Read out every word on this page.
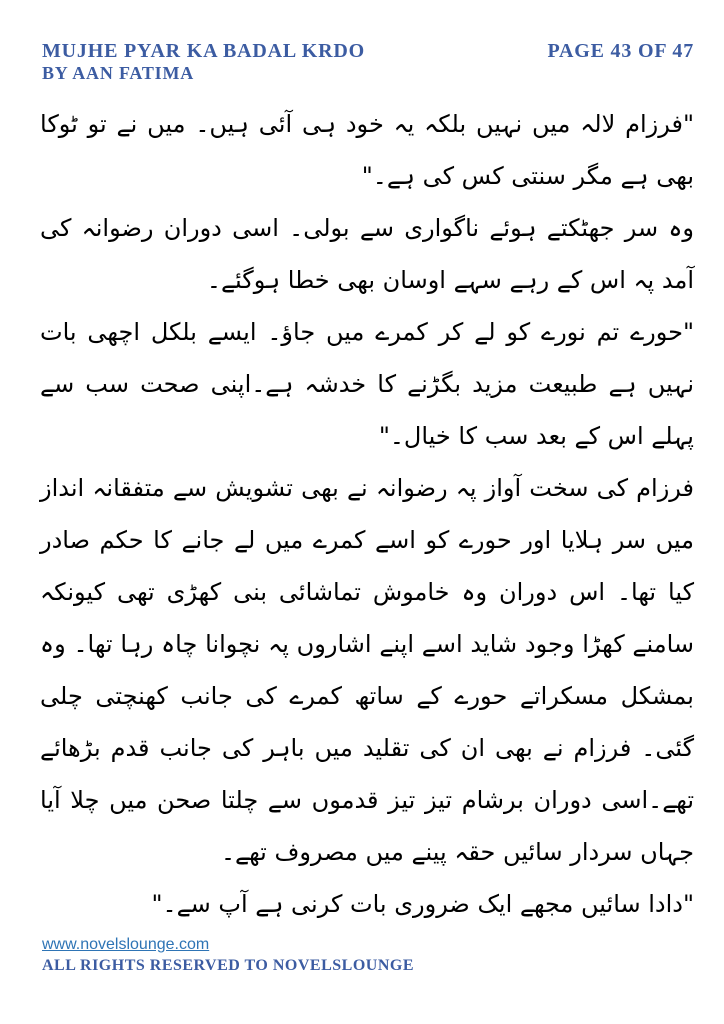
MUJHE PYAR KA BADAL KRDO	PAGE 43 OF 47
BY AAN FATIMA

"فرزام لالہ میں نہیں بلکہ یہ خود ہی آئی ہیں۔ میں نے تو ٹوکا بھی ہے مگر سنتی کس کی ہے۔"

وہ سر جھٹکتے ہوئے ناگواری سے بولی۔ اسی دوران رضوانہ کی آمد پہ اس کے رہے سہے اوسان بھی خطا ہوگئے۔

"حورے تم نورے کو لے کر کمرے میں جاؤ۔ ایسے بلکل اچھی بات نہیں ہے طبیعت مزید بگڑنے کا خدشہ ہے۔اپنی صحت سب سے پہلے اس کے بعد سب کا خیال۔"

فرزام کی سخت آواز پہ رضوانہ نے بھی تشویش سے متفقانہ انداز میں سر ہلایا اور حورے کو اسے کمرے میں لے جانے کا حکم صادر کیا تھا۔ اس دوران وہ خاموش تماشائی بنی کھڑی تھی کیونکہ سامنے کھڑا وجود شاید اسے اپنے اشاروں پہ نچوانا چاہ رہا تھا۔ وہ بمشکل مسکراتے حورے کے ساتھ کمرے کی جانب کھنچتی چلی گئی۔ فرزام نے بھی ان کی تقلید میں باہر کی جانب قدم بڑھائے تھے۔اسی دوران برشام تیز تیز قدموں سے چلتا صحن میں چلا آیا جہاں سردار سائیں حقہ پینے میں مصروف تھے۔

"دادا سائیں مجھے ایک ضروری بات کرنی ہے آپ سے۔"

www.novelslounge.com
ALL RIGHTS RESERVED TO NOVELSLOUNGE
